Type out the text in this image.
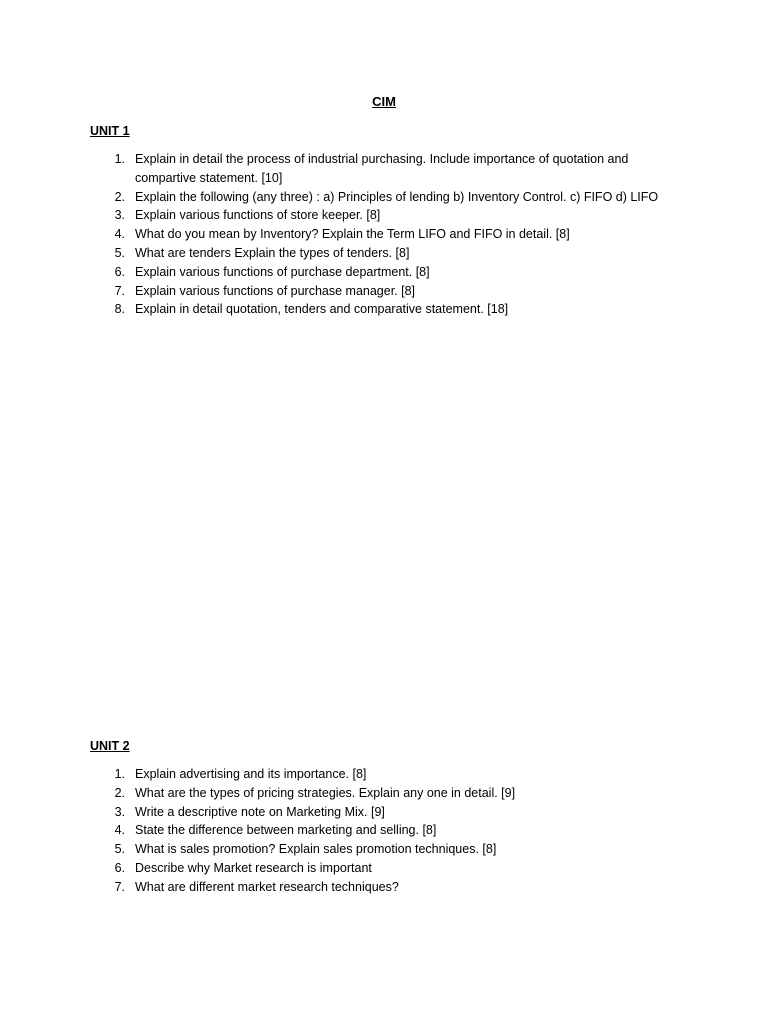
CIM
UNIT 1
1. Explain in detail the process of industrial purchasing. Include importance of quotation and compartive statement. [10]
2. Explain the following (any three) : a) Principles of lending b) Inventory Control. c) FIFO d) LIFO
3. Explain various functions of store keeper. [8]
4. What do you mean by Inventory? Explain the Term LIFO and FIFO in detail. [8]
5. What are tenders Explain the types of tenders. [8]
6. Explain various functions of purchase department. [8]
7. Explain various functions of purchase manager. [8]
8. Explain in detail quotation, tenders and comparative statement. [18]
UNIT 2
1. Explain advertising and its importance. [8]
2. What are the types of pricing strategies. Explain any one in detail. [9]
3. Write a descriptive note on Marketing Mix. [9]
4. State the difference between marketing and selling. [8]
5. What is sales promotion? Explain sales promotion techniques. [8]
6. Describe why Market research is important
7. What are different market research techniques?
